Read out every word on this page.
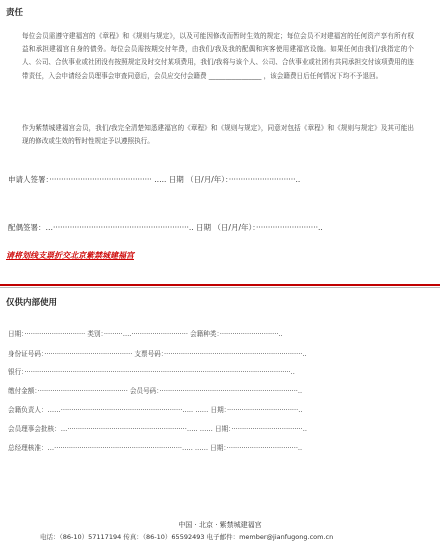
责任
每位会员需遵守建福宫的《章程》和《规则与规定》，以及可能因修改而暂时生效的规定；每位会员不对建福宫的任何资产享有所有权益和承担建福宫自身的债务。每位会员需按期交付年费，由我们/我及我的配偶和宾客使用建福宫设施。如果任何由我们/我指定的个人、公司、合伙事业或社团没有按照规定及时交付某项费用，我们/我将与该个人、公司、合伙事业或社团有共同承担交付该项费用的连带责任，入会申请经会员理事会审查同意后，会员应交付会籍费 ________________ ，该会籍费日后任何情况下均不予退回。
作为紫禁城建福宫会员，我们/我完全清楚知悉建福宫的《章程》和《规则与规定》，同意对包括《章程》和《规则与规定》及其可能出现的修改或生效的暂时性规定予以遵照执行。
申请人签署：··········································· ….. 日期 （日/月/年）：····························..
配偶签署：…·························································.. 日期 （日/月/年）：··························..
请将划线支票折交北京紫禁城建福宫
仅供内部使用
日期：····························· 类别：·········….··························· 会籍种类：····························..
身份证号码：·········································· 支票号码：··································································..
银行：·······························································································································..
缴付金额：··········································· 会员号码：··································································..
会籍负责人：……··························································….. …… 日期：··································..
会员理事会批核：…·························································….. …… 日期：··································..
总经理核准：…·····························································….. …… 日期：··································..
中国 · 北京 · 紫禁城建福宫
电话：（86-10）57117194 传真：（86-10）65592493 电子邮件：member@jianfugong.com.cn
